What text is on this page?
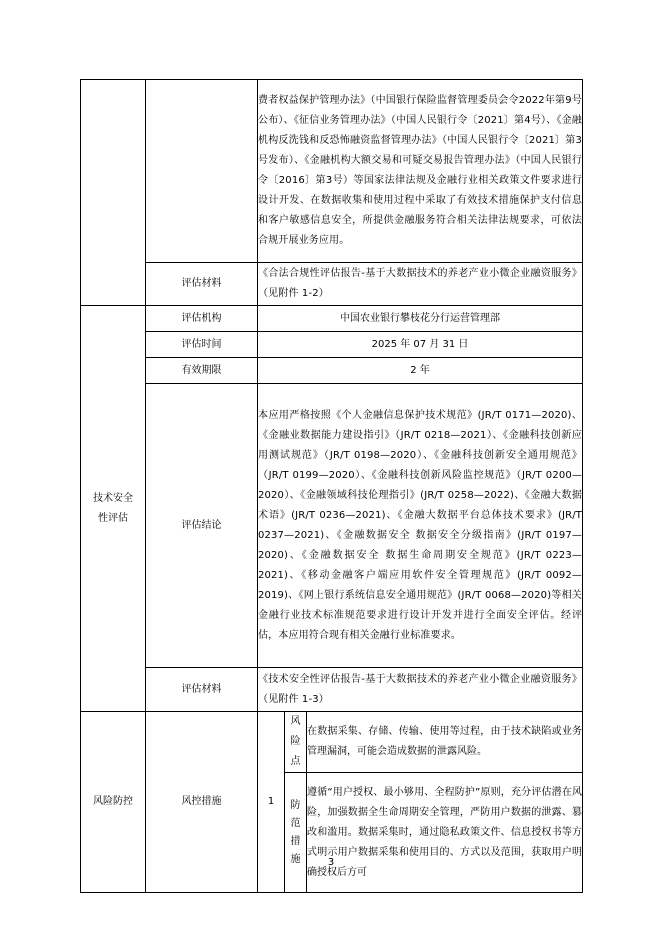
		费者权益保护管理办法》（中国银行保险监督管理委员会令2022年第9号公布）、《征信业务管理办法》（中国人民银行令〔2021〕第4号）、《金融机构反洗钱和反恐怖融资监督管理办法》（中国人民银行令〔2021〕第3号发布）、《金融机构大额交易和可疑交易报告管理办法》（中国人民银行令〔2016〕第3号）等国家法律法规及金融行业相关政策文件要求进行设计开发、在数据收集和使用过程中采取了有效技术措施保护支付信息和客户敏感信息安全，所提供金融服务符合相关法律法规要求，可依法合规开展业务应用。		
	评估材料	《合法合规性评估报告-基于大数据技术的养老产业小微企业融资服务》（见附件 1-2）		
技术安全性评估	评估机构	中国农业银行攀枝花分行运营管理部		
	评估时间	2025 年 07 月 31 日		
	有效期限	2 年		
	评估结论	本应用严格按照《个人金融信息保护技术规范》(JR/T 0171—2020)、《金融业数据能力建设指引》（JR/T 0218—2021）、《金融科技创新应用测试规范》（JR/T 0198—2020）、《金融科技创新安全通用规范》（JR/T 0199—2020）、《金融科技创新风险监控规范》（JR/T 0200—2020）、《金融领域科技伦理指引》(JR/T 0258—2022)、《金融大数据 术语》(JR/T 0236—2021)、《金融大数据平台总体技术要求》(JR/T 0237—2021)、《金融数据安全 数据安全分级指南》(JR/T 0197—2020)、《金融数据安全 数据生命周期安全规范》(JR/T 0223—2021)、《移动金融客户端应用软件安全管理规范》(JR/T 0092—2019)、《网上银行系统信息安全通用规范》(JR/T 0068—2020)等相关金融行业技术标准规范要求进行设计开发并进行全面安全评估。经评估，本应用符合现有相关金融行业标准要求。		
	评估材料	《技术安全性评估报告-基于大数据技术的养老产业小微企业融资服务》（见附件 1-3）		
风险防控	风控措施	1	风险点	在数据采集、存储、传输、使用等过程，由于技术缺陷或业务管理漏洞，可能会造成数据的泄露风险。

			防范措施	遵循“用户授权、最小够用、全程防护”原则，充分评估潜在风险，加强数据全生命周期安全管理，严防用户数据的泄露、篡改和滥用。数据采集时，通过隐私政策文件、信息授权书等方式明示用户数据采集和使用目的、方式以及范围，获取用户明确授权后方可
3
